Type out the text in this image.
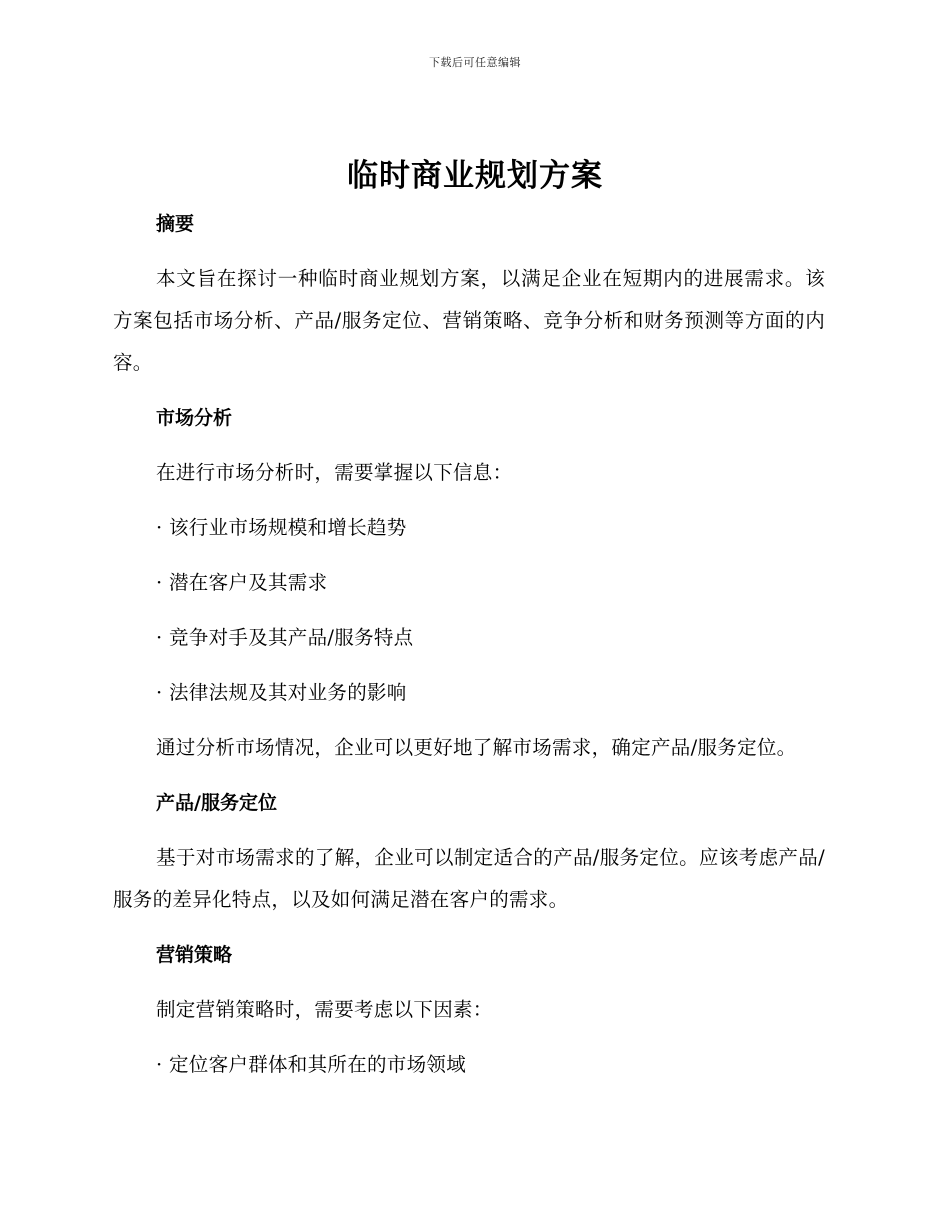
下载后可任意编辑
临时商业规划方案

摘要

本文旨在探讨一种临时商业规划方案，以满足企业在短期内的进展需求。该方案包括市场分析、产品/服务定位、营销策略、竞争分析和财务预测等方面的内容。

市场分析

在进行市场分析时，需要掌握以下信息：

· 该行业市场规模和增长趋势

· 潜在客户及其需求

· 竞争对手及其产品/服务特点

· 法律法规及其对业务的影响

通过分析市场情况，企业可以更好地了解市场需求，确定产品/服务定位。

产品/服务定位

基于对市场需求的了解，企业可以制定适合的产品/服务定位。应该考虑产品/服务的差异化特点，以及如何满足潜在客户的需求。

营销策略

制定营销策略时，需要考虑以下因素：

· 定位客户群体和其所在的市场领域
